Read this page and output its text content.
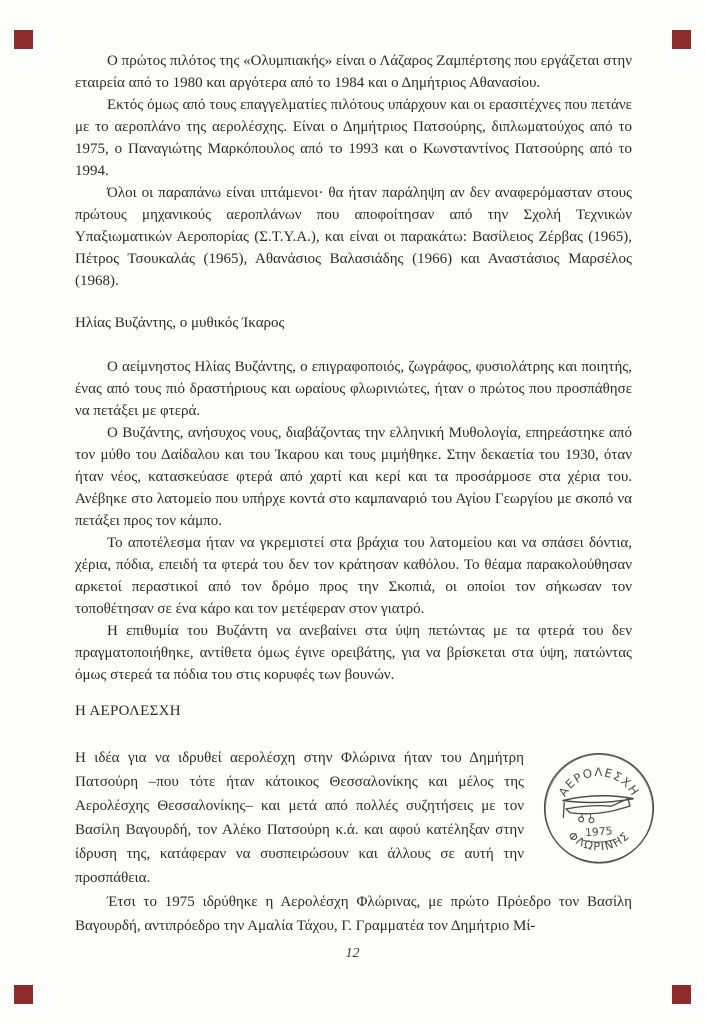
Ο πρώτος πιλότος της «Ολυμπιακής» είναι ο Λάζαρος Ζαμπέρτσης που εργάζεται στην εταιρεία από το 1980 και αργότερα από το 1984 και ο Δημήτριος Αθανασίου.

Εκτός όμως από τους επαγγελματίες πιλότους υπάρχουν και οι ερασιτέχνες που πετάνε με το αεροπλάνο της αερολέσχης. Είναι ο Δημήτριος Πατσούρης, διπλωματούχος από το 1975, ο Παναγιώτης Μαρκόπουλος από το 1993 και ο Κωνσταντίνος Πατσούρης από το 1994.

Όλοι οι παραπάνω είναι ιπτάμενοι· θα ήταν παράληψη αν δεν αναφερόμασταν στους πρώτους μηχανικούς αεροπλάνων που αποφοίτησαν από την Σχολή Τεχνικών Υπαξιωματικών Αεροπορίας (Σ.Τ.Υ.Α.), και είναι οι παρακάτω: Βασίλειος Ζέρβας (1965), Πέτρος Τσουκαλάς (1965), Αθανάσιος Βαλασιάδης (1966) και Αναστάσιος Μαρσέλος (1968).

Ηλίας Βυζάντης, ο μυθικός Ίκαρος

Ο αείμνηστος Ηλίας Βυζάντης, ο επιγραφοποιός, ζωγράφος, φυσιολάτρης και ποιητής, ένας από τους πιό δραστήριους και ωραίους φλωρινιώτες, ήταν ο πρώτος που προσπάθησε να πετάξει με φτερά.

Ο Βυζάντης, ανήσυχος νους, διαβάζοντας την ελληνική Μυθολογία, επηρεάστηκε από τον μύθο του Δαίδαλου και του Ίκαρου και τους μιμήθηκε. Στην δεκαετία του 1930, όταν ήταν νέος, κατασκεύασε φτερά από χαρτί και κερί και τα προσάρμοσε στα χέρια του. Ανέβηκε στο λατομείο που υπήρχε κοντά στο καμπαναριό του Αγίου Γεωργίου με σκοπό να πετάξει προς τον κάμπο.

Το αποτέλεσμα ήταν να γκρεμιστεί στα βράχια του λατομείου και να σπάσει δόντια, χέρια, πόδια, επειδή τα φτερά του δεν τον κράτησαν καθόλου. Το θέαμα παρακολούθησαν αρκετοί περαστικοί από τον δρόμο προς την Σκοπιά, οι οποίοι τον σήκωσαν τον τοποθέτησαν σε ένα κάρο και τον μετέφεραν στον γιατρό.

Η επιθυμία του Βυζάντη να ανεβαίνει στα ύψη πετώντας με τα φτερά του δεν πραγματοποιήθηκε, αντίθετα όμως έγινε ορειβάτης, για να βρίσκεται στα ύψη, πατώντας όμως στερεά τα πόδια του στις κορυφές των βουνών.

Η ΑΕΡΟΛΕΣΧΗ
ΑΕΡΟΛΕΣΧΗ
ΦΛΩΡΙΝΗΣ
1975

Η ιδέα για να ιδρυθεί αερολέσχη στην Φλώρινα ήταν του Δημήτρη Πατσούρη –που τότε ήταν κάτοικος Θεσσαλονίκης και μέλος της Αερολέσχης Θεσσαλονίκης– και μετά από πολλές συζητήσεις με τον Βασίλη Βαγουρδή, τον Αλέκο Πατσούρη κ.ά. και αφού κατέληξαν στην ίδρυση της, κατάφεραν να συσπειρώσουν και άλλους σε αυτή την προσπάθεια.

Έτσι το 1975 ιδρύθηκε η Αερολέσχη Φλώρινας, με πρώτο Πρόεδρο τον Βασίλη Βαγουρδή, αντιπρόεδρο την Αμαλία Τάχου, Γ. Γραμματέα τον Δημήτριο Μί-

12
